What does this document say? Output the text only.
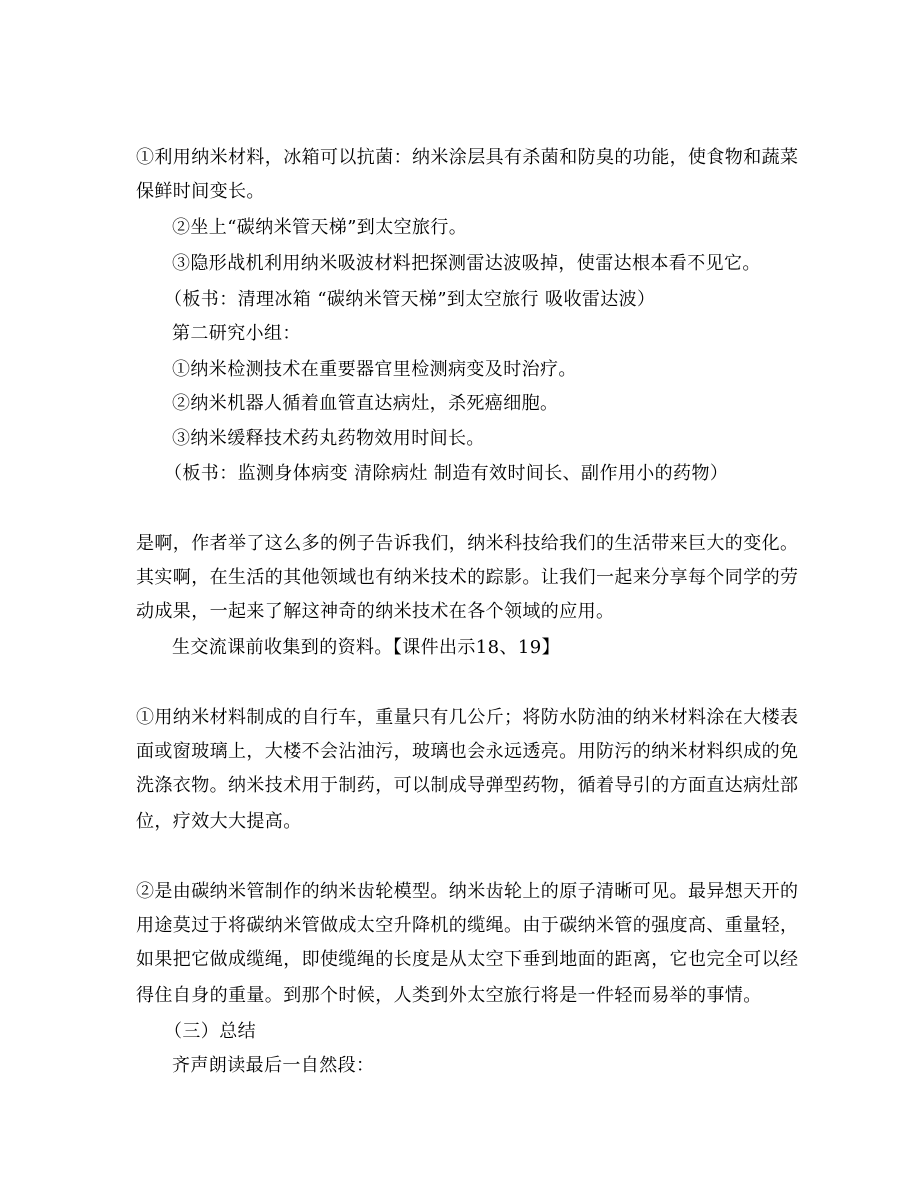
①利用纳米材料，冰箱可以抗菌：纳米涂层具有杀菌和防臭的功能，使食物和蔬菜
保鲜时间变长。
②坐上“碳纳米管天梯”到太空旅行。
③隐形战机利用纳米吸波材料把探测雷达波吸掉，使雷达根本看不见它。
（板书：清理冰箱 “碳纳米管天梯”到太空旅行 吸收雷达波）
第二研究小组：
①纳米检测技术在重要器官里检测病变及时治疗。
②纳米机器人循着血管直达病灶，杀死癌细胞。
③纳米缓释技术药丸药物效用时间长。
（板书：监测身体病变 清除病灶 制造有效时间长、副作用小的药物）
是啊，作者举了这么多的例子告诉我们，纳米科技给我们的生活带来巨大的变化。
其实啊，在生活的其他领域也有纳米技术的踪影。让我们一起来分享每个同学的劳
动成果，一起来了解这神奇的纳米技术在各个领域的应用。
生交流课前收集到的资料。【课件出示18、19】
①用纳米材料制成的自行车，重量只有几公斤；将防水防油的纳米材料涂在大楼表
面或窗玻璃上，大楼不会沾油污，玻璃也会永远透亮。用防污的纳米材料织成的免
洗涤衣物。纳米技术用于制药，可以制成导弹型药物，循着导引的方面直达病灶部
位，疗效大大提高。
②是由碳纳米管制作的纳米齿轮模型。纳米齿轮上的原子清晰可见。最异想天开的
用途莫过于将碳纳米管做成太空升降机的缆绳。由于碳纳米管的强度高、重量轻，
如果把它做成缆绳，即使缆绳的长度是从太空下垂到地面的距离，它也完全可以经
得住自身的重量。到那个时候，人类到外太空旅行将是一件轻而易举的事情。
（三）总结
齐声朗读最后一自然段：
